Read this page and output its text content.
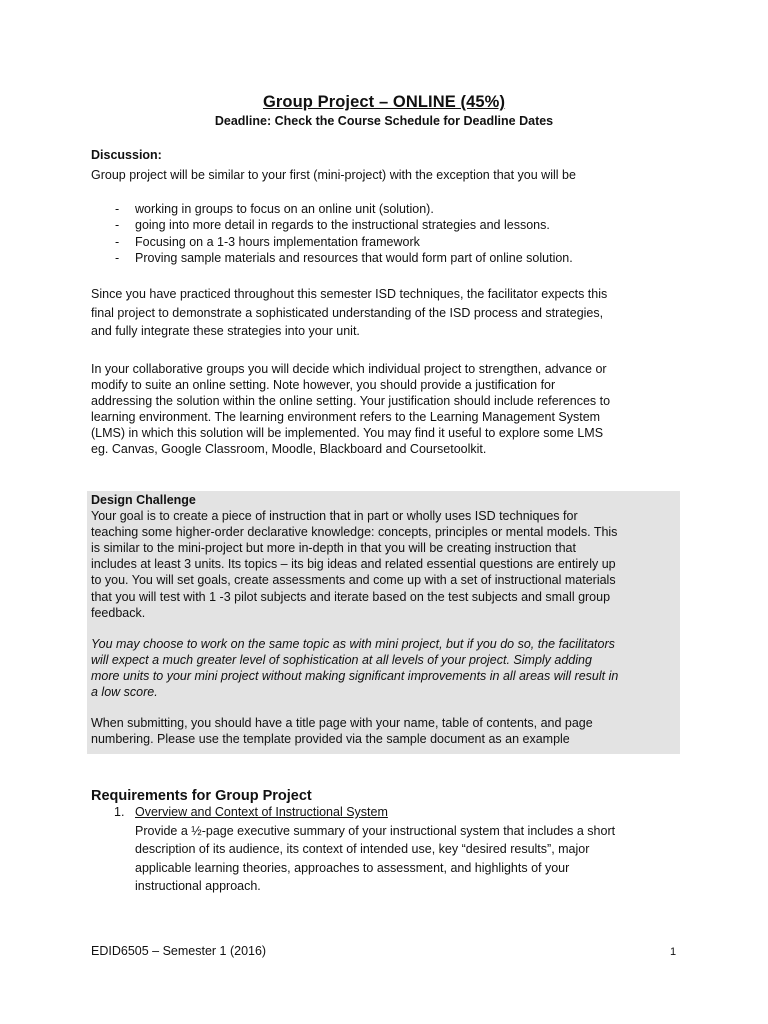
Group Project – ONLINE (45%)
Deadline: Check the Course Schedule for Deadline Dates
Discussion:
Group project will be similar to your first (mini-project) with the exception that you will be
-	working in groups to focus on an online unit (solution).
-	going into more detail in regards to the instructional strategies and lessons.
-	Focusing on a 1-3 hours implementation framework
-	Proving sample materials and resources that would form part of online solution.
Since you have practiced throughout this semester ISD techniques, the facilitator expects this
final project to demonstrate a sophisticated understanding of the ISD process and strategies,
and fully integrate these strategies into your unit.
In your collaborative groups you will decide which individual project to strengthen, advance or
modify to suite an online setting. Note however, you should provide a justification for
addressing the solution within the online setting. Your justification should include references to
learning environment. The learning environment refers to the Learning Management System
(LMS) in which this solution will be implemented. You may find it useful to explore some LMS
eg. Canvas, Google Classroom, Moodle, Blackboard and Coursetoolkit.
Design Challenge
Your goal is to create a piece of instruction that in part or wholly uses ISD techniques for
teaching some higher-order declarative knowledge: concepts, principles or mental models. This
is similar to the mini-project but more in-depth in that you will be creating instruction that
includes at least 3 units. Its topics – its big ideas and related essential questions are entirely up
to you. You will set goals, create assessments and come up with a set of instructional materials
that you will test with 1 -3 pilot subjects and iterate based on the test subjects and small group
feedback.
You may choose to work on the same topic as with mini project, but if you do so, the facilitators
will expect a much greater level of sophistication at all levels of your project. Simply adding
more units to your mini project without making significant improvements in all areas will result in
a low score.
When submitting, you should have a title page with your name, table of contents, and page
numbering. Please use the template provided via the sample document as an example
Requirements for Group Project
1. Overview and Context of Instructional System
Provide a ½-page executive summary of your instructional system that includes a short
description of its audience, its context of intended use, key “desired results”, major
applicable learning theories, approaches to assessment, and highlights of your
instructional approach.
EDID6505 – Semester 1 (2016)	1
